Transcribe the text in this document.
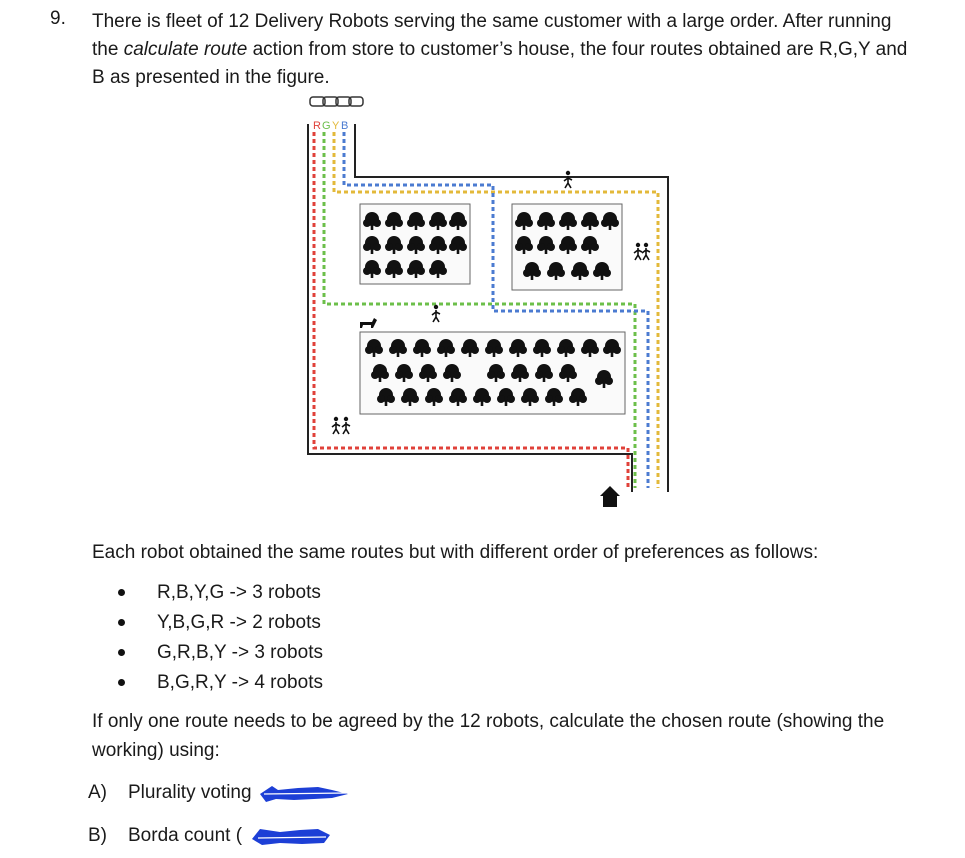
9. There is fleet of 12 Delivery Robots serving the same customer with a large order. After running the calculate route action from store to customer’s house, the four routes obtained are R,G,Y and B as presented in the figure.
R G Y B
Each robot obtained the same routes but with different order of preferences as follows:
R,B,Y,G -> 3 robots
Y,B,G,R -> 2 robots
G,R,B,Y -> 3 robots
B,G,R,Y -> 4 robots
If only one route needs to be agreed by the 12 robots, calculate the chosen route (showing the working) using:
A) Plurality voting
B) Borda count (
